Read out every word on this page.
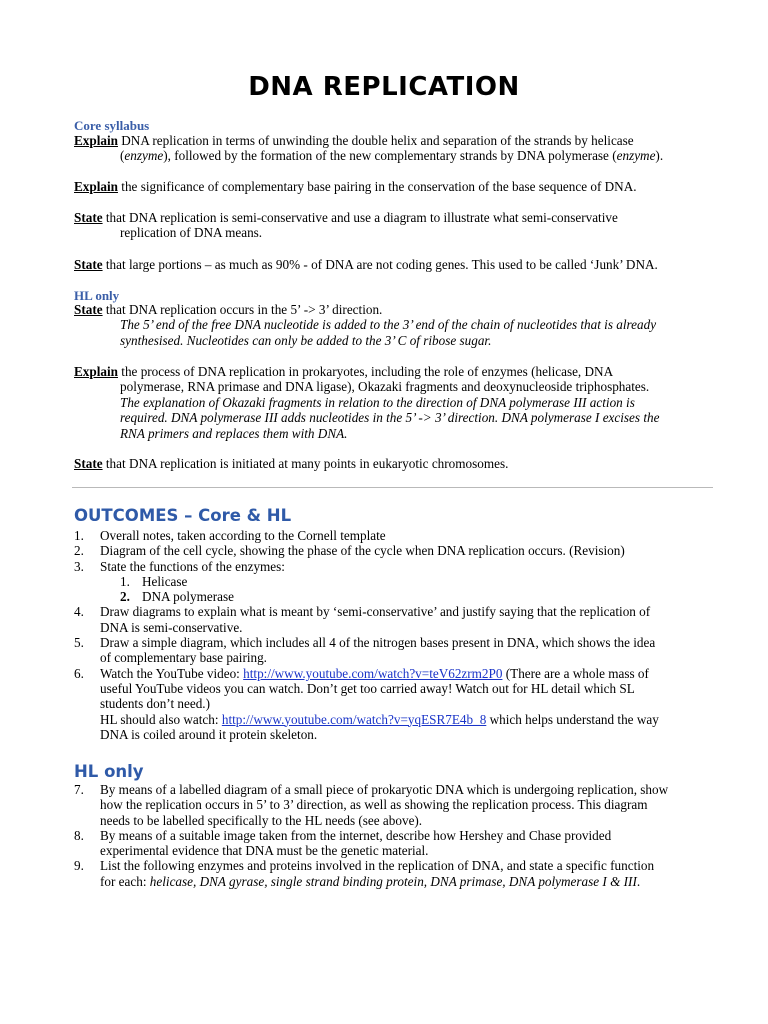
DNA REPLICATION
Core syllabus
Explain DNA replication in terms of unwinding the double helix and separation of the strands by helicase
(enzyme), followed by the formation of the new complementary strands by DNA polymerase (enzyme).
Explain the significance of complementary base pairing in the conservation of the base sequence of DNA.
State that DNA replication is semi-conservative and use a diagram to illustrate what semi-conservative
replication of DNA means.
State that large portions – as much as 90% - of DNA are not coding genes. This used to be called ‘Junk’ DNA.
HL only
State that DNA replication occurs in the 5’ -> 3’ direction.
The 5’ end of the free DNA nucleotide is added to the 3’ end of the chain of nucleotides that is already
synthesised. Nucleotides can only be added to the 3’ C of ribose sugar.
Explain the process of DNA replication in prokaryotes, including the role of enzymes (helicase, DNA
polymerase, RNA primase and DNA ligase), Okazaki fragments and deoxynucleoside triphosphates.
The explanation of Okazaki fragments in relation to the direction of DNA polymerase III action is
required. DNA polymerase III adds nucleotides in the 5’ -> 3’ direction. DNA polymerase I excises the
RNA primers and replaces them with DNA.
State that DNA replication is initiated at many points in eukaryotic chromosomes.
OUTCOMES – Core & HL
1. Overall notes, taken according to the Cornell template
2. Diagram of the cell cycle, showing the phase of the cycle when DNA replication occurs. (Revision)
3. State the functions of the enzymes:
1. Helicase
2. DNA polymerase
4. Draw diagrams to explain what is meant by ‘semi-conservative’ and justify saying that the replication of
DNA is semi-conservative.
5. Draw a simple diagram, which includes all 4 of the nitrogen bases present in DNA, which shows the idea
of complementary base pairing.
6. Watch the YouTube video: http://www.youtube.com/watch?v=teV62zrm2P0 (There are a whole mass of
useful YouTube videos you can watch. Don’t get too carried away! Watch out for HL detail which SL
students don’t need.)
HL should also watch: http://www.youtube.com/watch?v=yqESR7E4b_8 which helps understand the way
DNA is coiled around it protein skeleton.
HL only
7. By means of a labelled diagram of a small piece of prokaryotic DNA which is undergoing replication, show
how the replication occurs in 5’ to 3’ direction, as well as showing the replication process. This diagram
needs to be labelled specifically to the HL needs (see above).
8. By means of a suitable image taken from the internet, describe how Hershey and Chase provided
experimental evidence that DNA must be the genetic material.
9. List the following enzymes and proteins involved in the replication of DNA, and state a specific function
for each: helicase, DNA gyrase, single strand binding protein, DNA primase, DNA polymerase I & III.
